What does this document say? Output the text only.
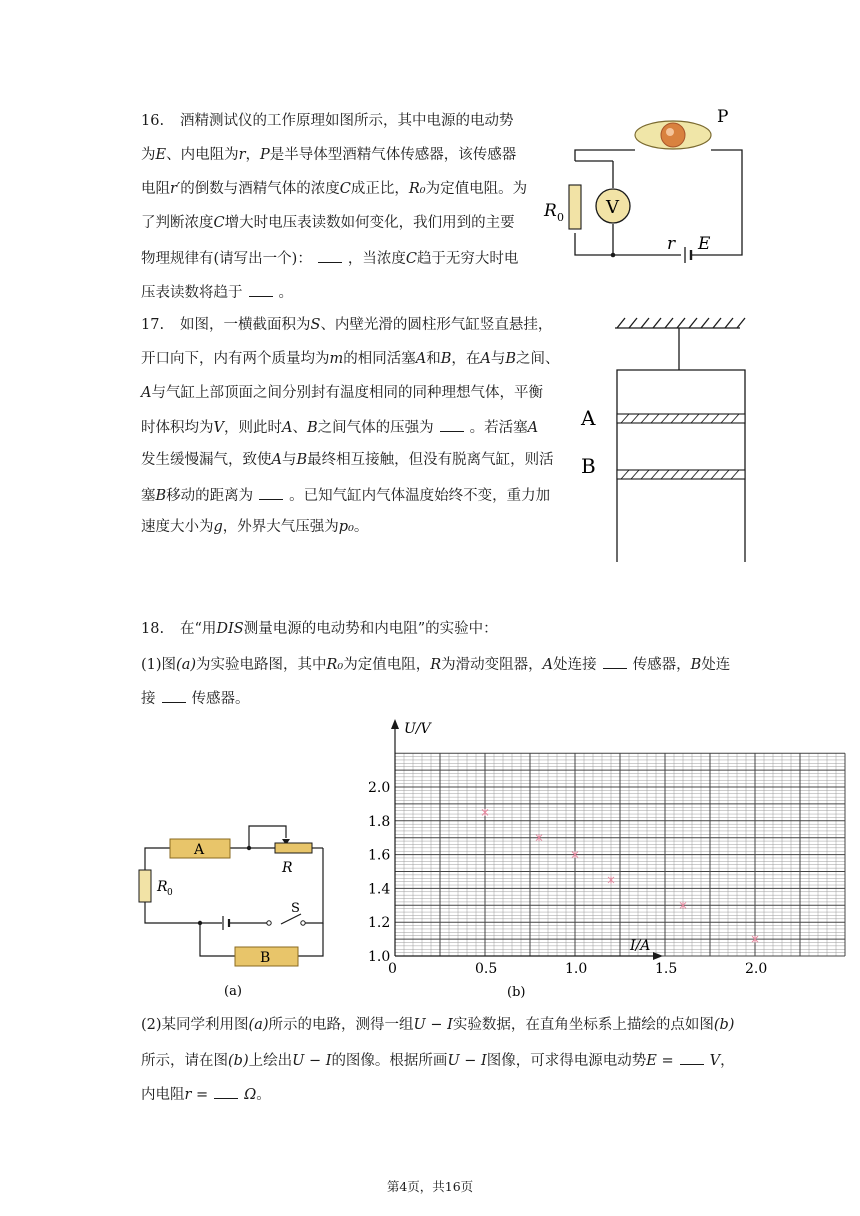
16. 酒精测试仪的工作原理如图所示，其中电源的电动势
为E、内电阻为r，P是半导体型酒精气体传感器，该传感器
电阻r′的倒数与酒精气体的浓度C成正比，R₀为定值电阻。为
了判断浓度C增大时电压表读数如何变化，我们用到的主要
物理规律有(请写出一个)： ，当浓度C趋于无穷大时电
压表读数将趋于 。
P
R 0 V
r E
17. 如图，一横截面积为S、内壁光滑的圆柱形气缸竖直悬挂，
开口向下，内有两个质量均为m的相同活塞A和B，在A与B之间、
A与气缸上部顶面之间分别封有温度相同的同种理想气体，平衡
时体积均为V，则此时A、B之间气体的压强为 。若活塞A
发生缓慢漏气，致使A与B最终相互接触，但没有脱离气缸，则活
塞B移动的距离为 。已知气缸内气体温度始终不变，重力加
速度大小为g，外界大气压强为p₀。
A
B
18. 在“用DIS测量电源的电动势和内电阻”的实验中：
(1)图(a)为实验电路图，其中R₀为定值电阻，R为滑动变阻器，A处连接 传感器，B处连
接 传感器。
A
R
R 0
S
B
(a)
U/V
I/A
1.0
1.2
1.4
1.6
1.8
2.0
0	0.5	1.0	1.5	2.0
(b)
(2)某同学利用图(a)所示的电路，测得一组U − I实验数据，在直角坐标系上描绘的点如图(b)
所示，请在图(b)上绘出U − I的图像。根据所画U − I图像，可求得电源电动势E = V，
内电阻r = Ω。
第4页，共16页
